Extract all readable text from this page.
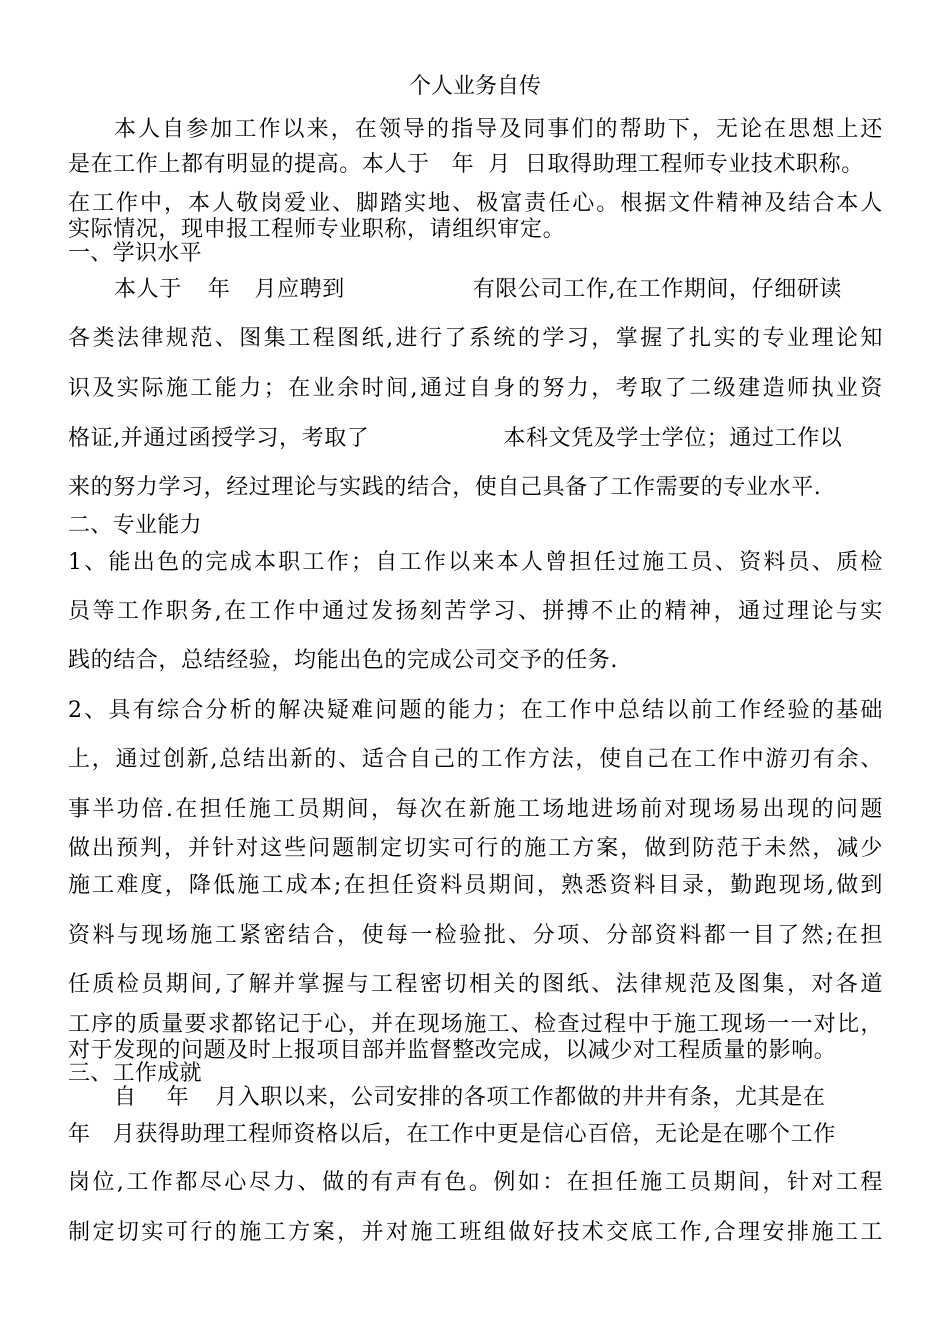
个人业务自传
本人自参加工作以来，在领导的指导及同事们的帮助下，无论在思想上还
是在工作上都有明显的提高。本人于 年 月 日取得助理工程师专业技术职称。
在工作中，本人敬岗爱业、脚踏实地、极富责任心。根据文件精神及结合本人
实际情况，现申报工程师专业职称，请组织审定。
一、学识水平
本人于 年 月应聘到	有限公司工作,在工作期间，仔细研读
各类法律规范、图集工程图纸,进行了系统的学习，掌握了扎实的专业理论知
识及实际施工能力；在业余时间,通过自身的努力，考取了二级建造师执业资
格证,并通过函授学习，考取了	本科文凭及学士学位；通过工作以
来的努力学习，经过理论与实践的结合，使自己具备了工作需要的专业水平.
二、专业能力
1、能出色的完成本职工作；自工作以来本人曾担任过施工员、资料员、质检
员等工作职务,在工作中通过发扬刻苦学习、拼搏不止的精神，通过理论与实
践的结合，总结经验，均能出色的完成公司交予的任务.
2、具有综合分析的解决疑难问题的能力；在工作中总结以前工作经验的基础
上，通过创新,总结出新的、适合自己的工作方法，使自己在工作中游刃有余、
事半功倍.在担任施工员期间，每次在新施工场地进场前对现场易出现的问题
做出预判，并针对这些问题制定切实可行的施工方案，做到防范于未然，减少
施工难度，降低施工成本;在担任资料员期间，熟悉资料目录，勤跑现场,做到
资料与现场施工紧密结合，使每一检验批、分项、分部资料都一目了然;在担
任质检员期间,了解并掌握与工程密切相关的图纸、法律规范及图集，对各道
工序的质量要求都铭记于心，并在现场施工、检查过程中于施工现场一一对比，
对于发现的问题及时上报项目部并监督整改完成，以减少对工程质量的影响。
三、工作成就
自 年 月入职以来，公司安排的各项工作都做的井井有条，尤其是在
年 月获得助理工程师资格以后，在工作中更是信心百倍，无论是在哪个工作
岗位,工作都尽心尽力、做的有声有色。例如：在担任施工员期间，针对工程
制定切实可行的施工方案，并对施工班组做好技术交底工作,合理安排施工工
